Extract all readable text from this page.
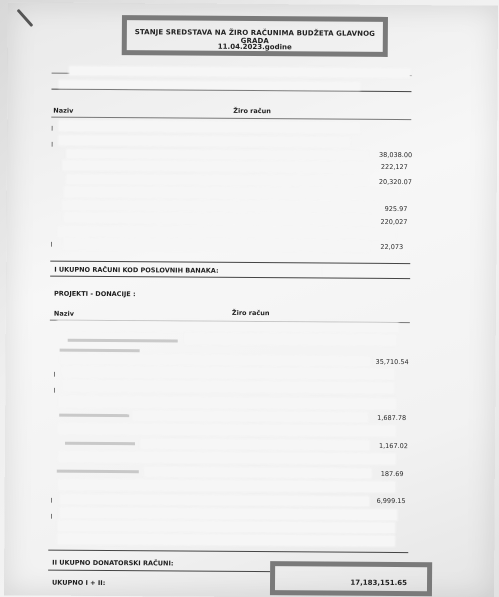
STANJE SREDSTAVA NA ŽIRO RAČUNIMA BUDŽETA GLAVNOG GRADA
11.04.2023.godine
Naziv	Žiro račun
I
I
38,038.00
222,127
20,320.07
925.97
220,027
I	22,073
I UKUPNO RAČUNI KOD POSLOVNIH BANAKA:
PROJEKTI - DONACIJE :
Naziv	Žiro račun
35,710.54
I
I
1,687.78
1,167.02
187.69
I	6,999.15
I
II UKUPNO DONATORSKI RAČUNI:
UKUPNO I + II:	17,183,151.65
